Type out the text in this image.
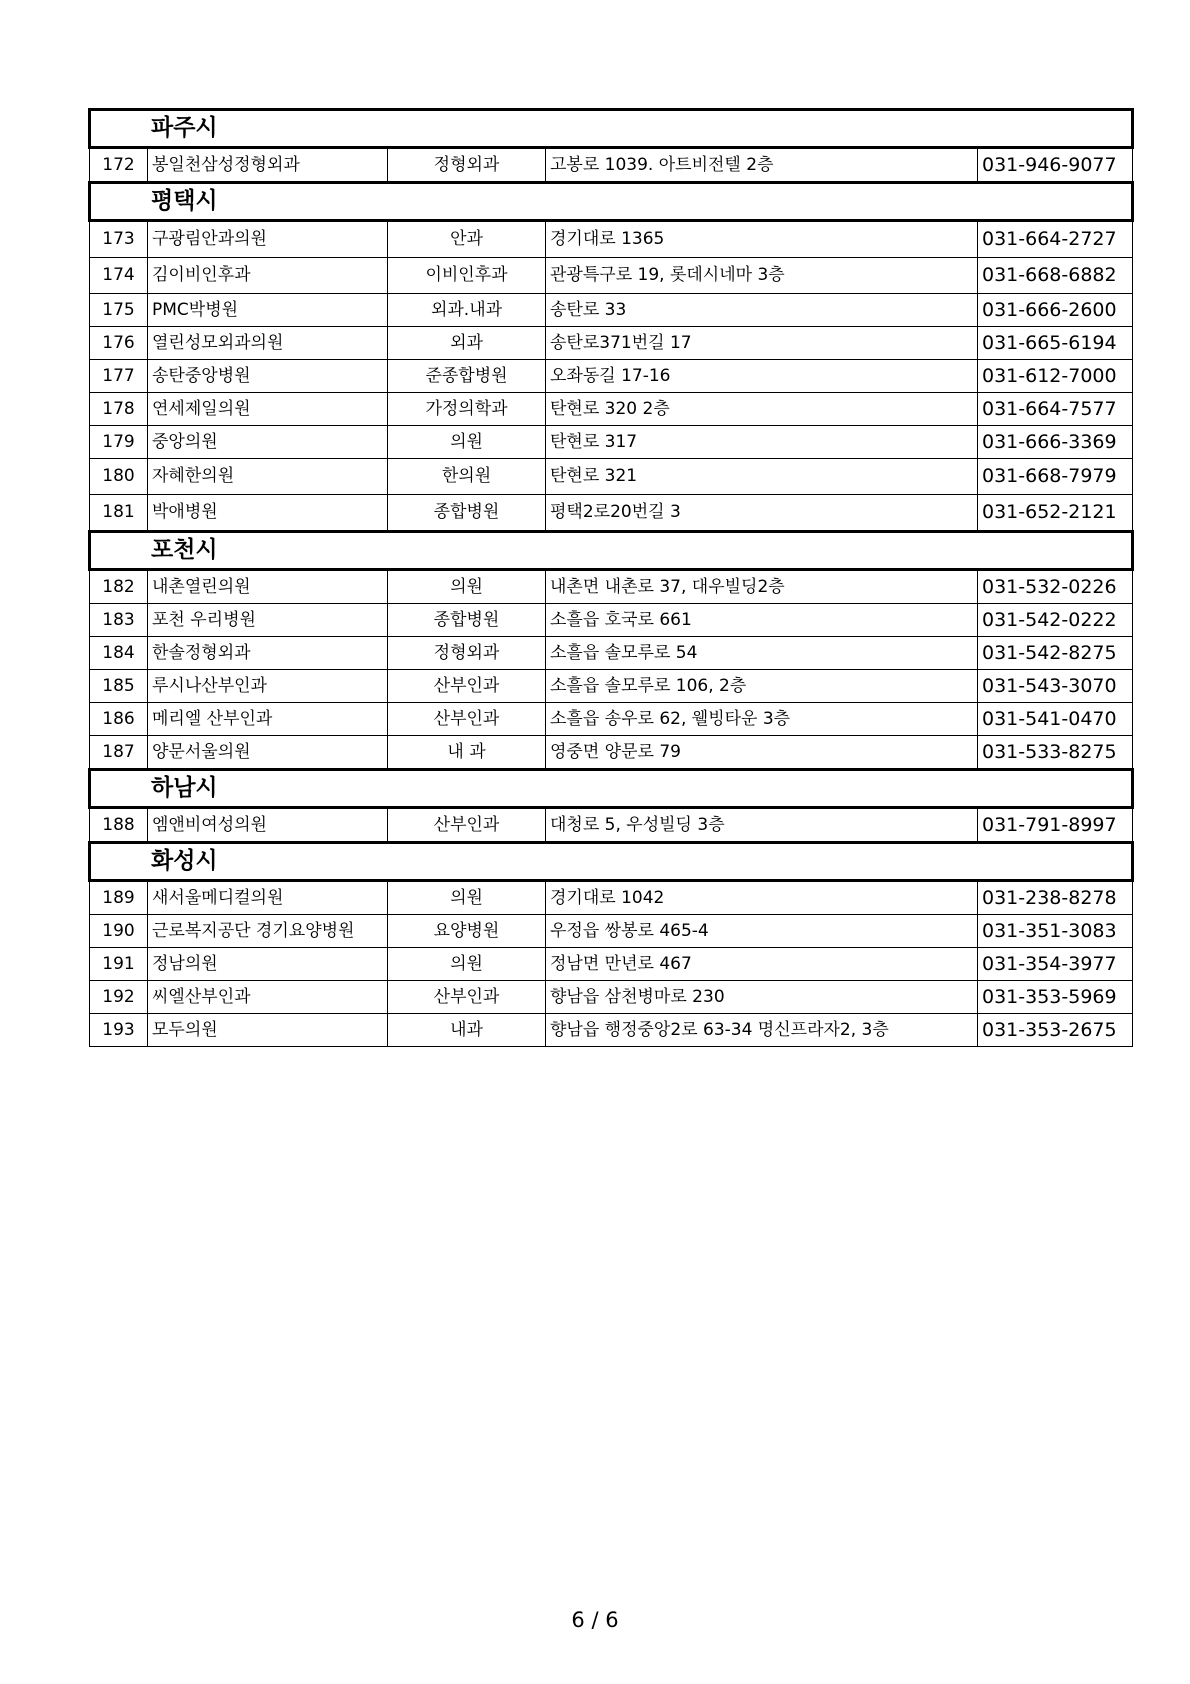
파주시				
172	봉일천삼성정형외과	정형외과	고봉로 1039. 아트비전텔 2층	031-946-9077
평택시				
173	구광림안과의원	안과	경기대로 1365	031-664-2727
174	김이비인후과	이비인후과	관광특구로 19, 롯데시네마 3층	031-668-6882
175	PMC박병원	외과.내과	송탄로 33	031-666-2600
176	열린성모외과의원	외과	송탄로371번길 17	031-665-6194
177	송탄중앙병원	준종합병원	오좌동길 17-16	031-612-7000
178	연세제일의원	가정의학과	탄현로 320 2층	031-664-7577
179	중앙의원	의원	탄현로 317	031-666-3369
180	자혜한의원	한의원	탄현로 321	031-668-7979
181	박애병원	종합병원	평택2로20번길 3	031-652-2121
포천시				
182	내촌열린의원	의원	내촌면 내촌로 37, 대우빌딩2층	031-532-0226
183	포천 우리병원	종합병원	소흘읍 호국로 661	031-542-0222
184	한솔정형외과	정형외과	소흘읍 솔모루로 54	031-542-8275
185	루시나산부인과	산부인과	소흘읍 솔모루로 106, 2층	031-543-3070
186	메리엘 산부인과	산부인과	소흘읍 송우로 62, 웰빙타운 3층	031-541-0470
187	양문서울의원	내 과	영중면 양문로 79	031-533-8275
하남시				
188	엠앤비여성의원	산부인과	대청로 5, 우성빌딩 3층	031-791-8997
화성시				
189	새서울메디컬의원	의원	경기대로 1042	031-238-8278
190	근로복지공단 경기요양병원	요양병원	우정읍 쌍봉로 465-4	031-351-3083
191	정남의원	의원	정남면 만년로 467	031-354-3977
192	씨엘산부인과	산부인과	향남읍 삼천병마로 230	031-353-5969
193	모두의원	내과	향남읍 행정중앙2로 63-34 명신프라자2, 3층	031-353-2675
6 / 6
